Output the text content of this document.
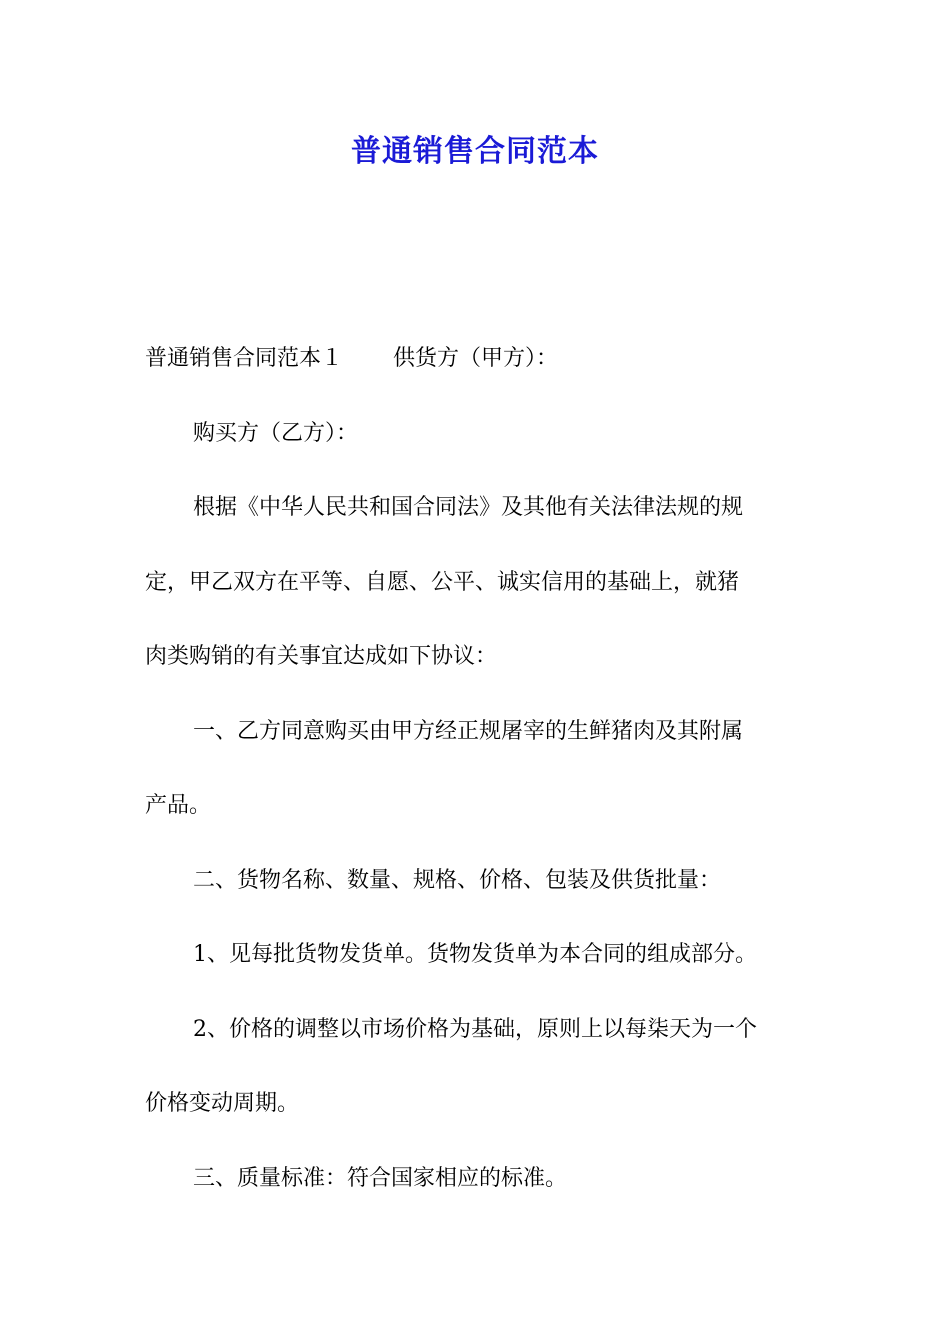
普通销售合同范本
普通销售合同范本１ 供货方（甲方）：
购买方（乙方）：
根据《中华人民共和国合同法》及其他有关法律法规的规
定，甲乙双方在平等、自愿、公平、诚实信用的基础上，就猪
肉类购销的有关事宜达成如下协议：
一、乙方同意购买由甲方经正规屠宰的生鲜猪肉及其附属
产品。
二、货物名称、数量、规格、价格、包装及供货批量：
1、见每批货物发货单。货物发货单为本合同的组成部分。
2、价格的调整以市场价格为基础，原则上以每柒天为一个
价格变动周期。
三、质量标准：符合国家相应的标准。
